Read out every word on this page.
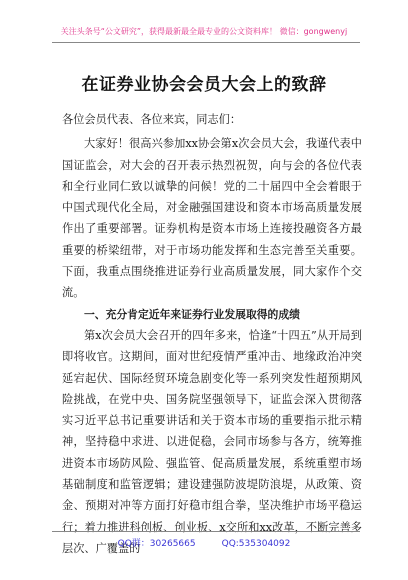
关注头条号“公文研究”，获得最新最全最专业的公文资料库！ 微信：gongwenyj
在证券业协会会员大会上的致辞

各位会员代表、各位来宾，同志们：

大家好！很高兴参加xx协会第x次会员大会，我谨代表中国证监会，对大会的召开表示热烈祝贺，向与会的各位代表和全行业同仁致以诚挚的问候！党的二十届四中全会着眼于中国式现代化全局，对金融强国建设和资本市场高质量发展作出了重要部署。证券机构是资本市场上连接投融资各方最重要的桥梁纽带，对于市场功能发挥和生态完善至关重要。下面，我重点围绕推进证券行业高质量发展，同大家作个交流。

一、充分肯定近年来证券行业发展取得的成绩

第x次会员大会召开的四年多来，恰逢“十四五”从开局到即将收官。这期间，面对世纪疫情严重冲击、地缘政治冲突延宕起伏、国际经贸环境急剧变化等一系列突发性超预期风险挑战，在党中央、国务院坚强领导下，证监会深入贯彻落实习近平总书记重要讲话和关于资本市场的重要指示批示精神，坚持稳中求进、以进促稳，会同市场参与各方，统筹推进资本市场防风险、强监管、促高质量发展，系统重塑市场基础制度和监管逻辑；建设建强防波堤防浪堤，从政策、资金、预期对冲等方面打好稳市组合拳，坚决维护市场平稳运行；着力推进科创板、创业板、x交所和xx改革，不断完善多层次、广覆盖的

QQ群：30265665	QQ:535304092
